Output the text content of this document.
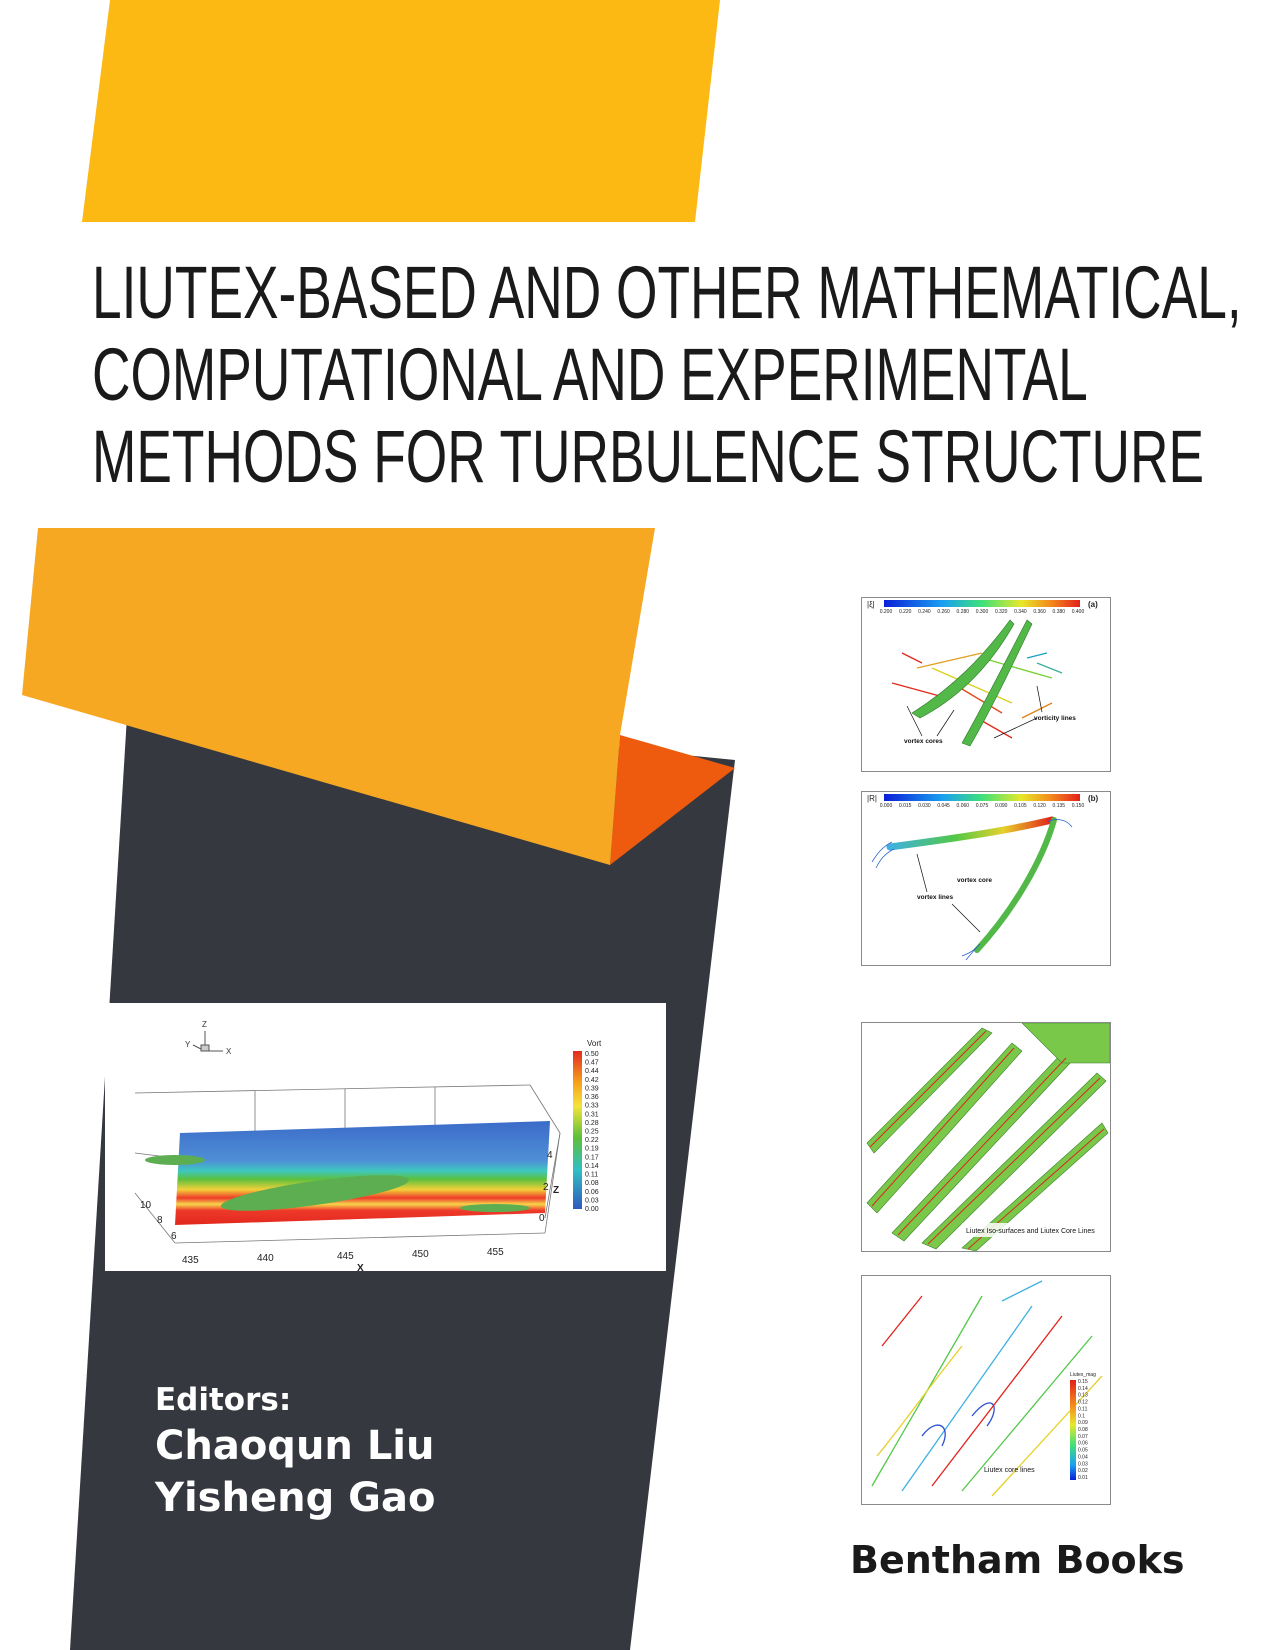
LIUTEX-BASED AND OTHER MATHEMATICAL,
COMPUTATIONAL AND EXPERIMENTAL
METHODS FOR TURBULENCE STRUCTURE
Z
Y
X
435	440	445	450	455
X
10
8
6
4
2
0
Z
Vort
0.50
0.47
0.44
0.42
0.39
0.36
0.33
0.31
0.28
0.25
0.22
0.19
0.17
0.14
0.11
0.08
0.06
0.03
0.00
|ξ|	(a)
0.200 0.220 0.240 0.260 0.280 0.300 0.320 0.340 0.360 0.380 0.400
vortex cores
vorticity lines
|R|	(b)
0.000 0.015 0.030 0.045 0.060 0.075 0.090 0.105 0.120 0.135 0.150
vortex core
vortex lines
Liutex Iso-surfaces and Liutex Core Lines
Liutex_mag
0.15
0.14
0.13
0.12
0.11
0.1
0.09
0.08
0.07
0.06
0.05
0.04
0.03
0.02
0.01
Liutex core lines
Editors:
Chaoqun Liu
Yisheng Gao
Bentham Books
